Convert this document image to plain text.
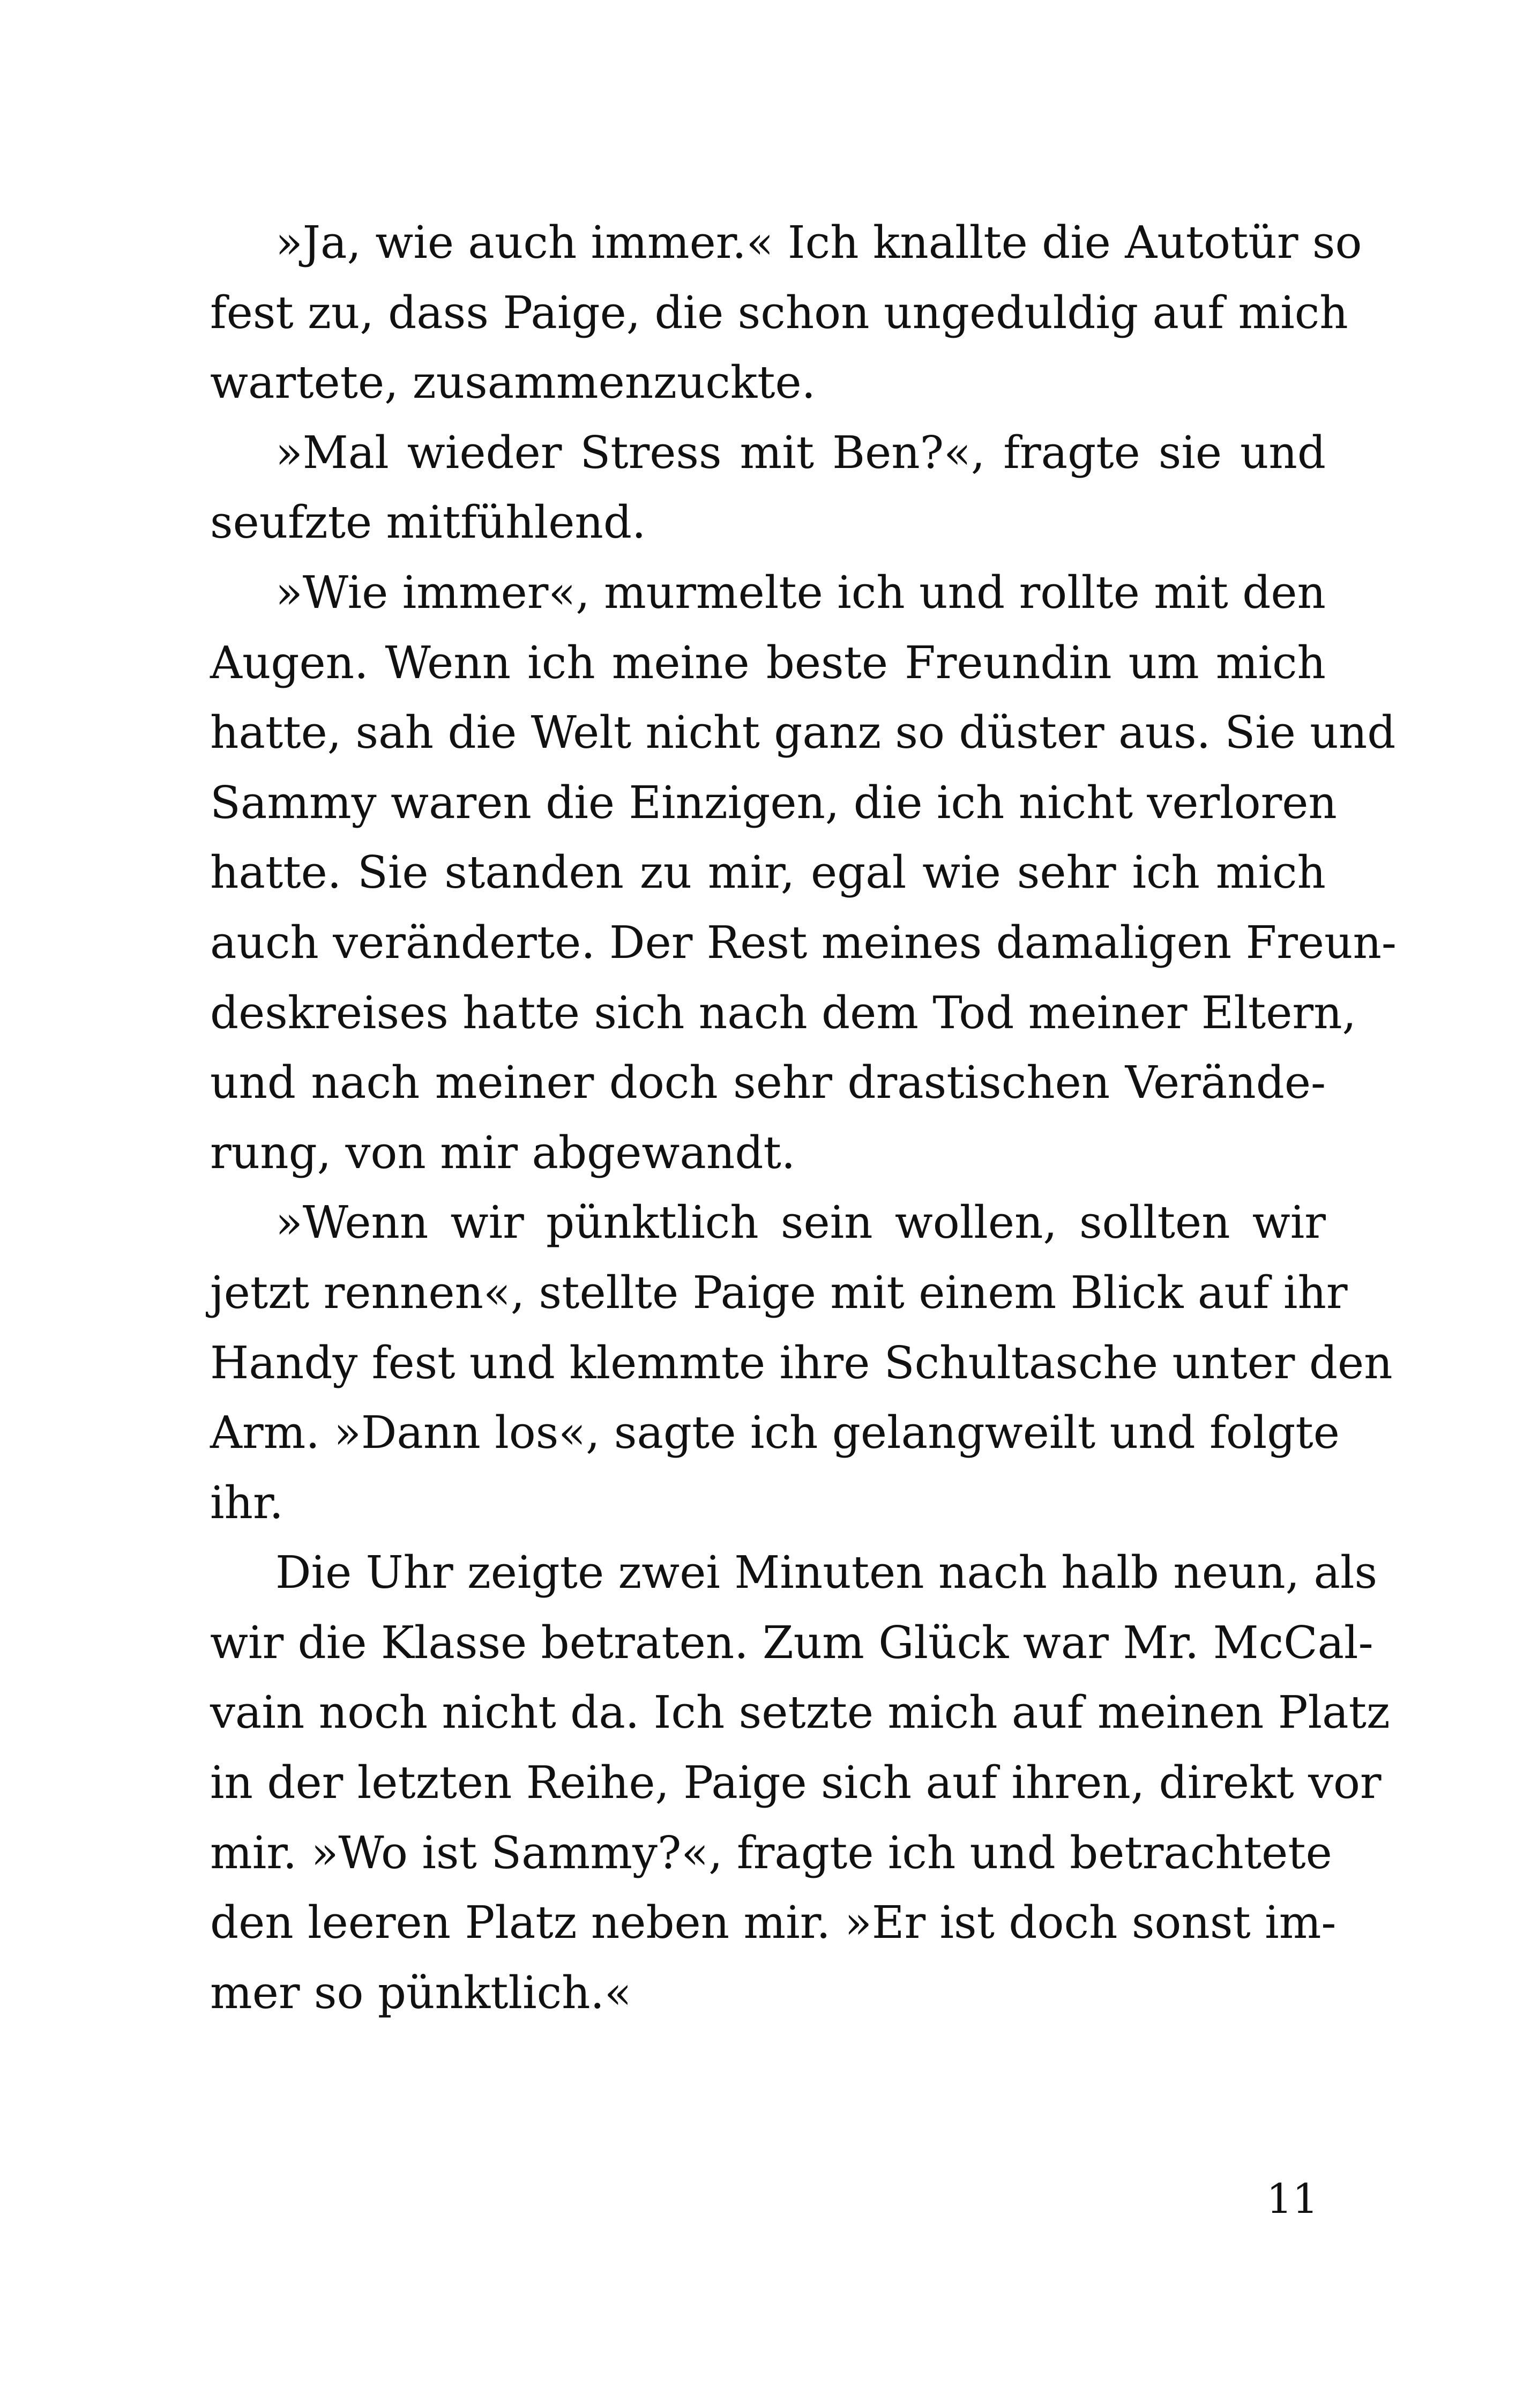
»Ja, wie auch immer.« Ich knallte die Autotür so
fest zu, dass Paige, die schon ungeduldig auf mich
wartete, zusammenzuckte.
»Mal wieder Stress mit Ben?«, fragte sie und
seufzte mitfühlend.
»Wie immer«, murmelte ich und rollte mit den
Augen. Wenn ich meine beste Freundin um mich
hatte, sah die Welt nicht ganz so düster aus. Sie und
Sammy waren die Einzigen, die ich nicht verloren
hatte. Sie standen zu mir, egal wie sehr ich mich
auch veränderte. Der Rest meines damaligen Freun-
deskreises hatte sich nach dem Tod meiner Eltern,
und nach meiner doch sehr drastischen Verände-
rung, von mir abgewandt.
»Wenn wir pünktlich sein wollen, sollten wir
jetzt rennen«, stellte Paige mit einem Blick auf ihr
Handy fest und klemmte ihre Schultasche unter den
Arm. »Dann los«, sagte ich gelangweilt und folgte
ihr.
Die Uhr zeigte zwei Minuten nach halb neun, als
wir die Klasse betraten. Zum Glück war Mr. McCal-
vain noch nicht da. Ich setzte mich auf meinen Platz
in der letzten Reihe, Paige sich auf ihren, direkt vor
mir. »Wo ist Sammy?«, fragte ich und betrachtete
den leeren Platz neben mir. »Er ist doch sonst im-
mer so pünktlich.«
11
